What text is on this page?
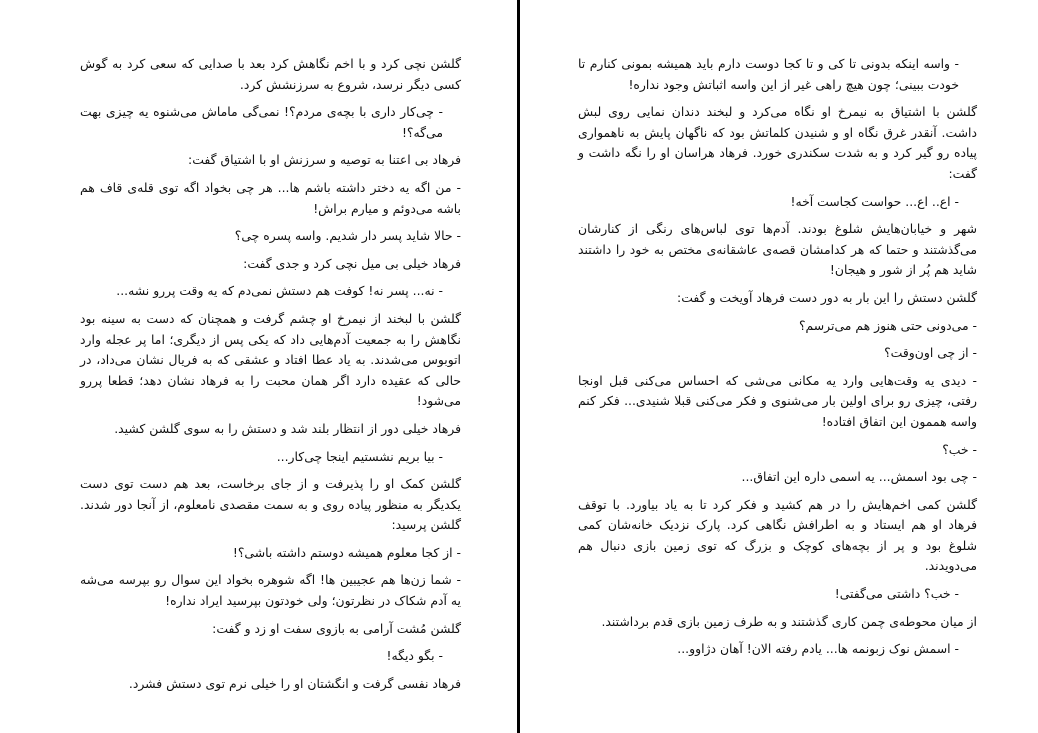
- واسه اینکه بدونی تا کی و تا کجا دوست دارم باید همیشه بمونی کنارم تا خودت ببینی؛ چون هیچ راهی غیر از این واسه اثباتش وجود نداره!

گلشن با اشتیاق به نیمرخ او نگاه می‌کرد و لبخند دندان نمایی روی لبش داشت. آنقدر غرق نگاه او و شنیدن کلماتش بود که ناگهان پایش به ناهمواری پیاده رو گیر کرد و به شدت سکندری خورد. فرهاد هراسان او را نگه داشت و گفت:

- اع.. اع... حواست کجاست آخه!

شهر و خیابان‌هایش شلوغ بودند. آدم‌ها توی لباس‌های رنگی از کنارشان می‌گذشتند و حتما که هر کدامشان قصه‌ی عاشقانه‌ی مختص به خود را داشتند شاید هم پُر از شور و هیجان!

گلشن دستش را این بار به دور دست فرهاد آویخت و گفت:

- می‌دونی حتی هنوز هم می‌ترسم؟

- از چی اون‌وقت؟

- دیدی یه وقت‌هایی وارد یه مکانی می‌شی که احساس می‌کنی قبل اونجا رفتی، چیزی رو برای اولین بار می‌شنوی و فکر می‌کنی قبلا شنیدی... فکر کنم واسه هممون این اتفاق افتاده!

- خب؟

- چی بود اسمش... یه اسمی داره این اتفاق...

گلشن کمی اخم‌هایش را در هم کشید و فکر کرد تا به یاد بیاورد. با توقف فرهاد او هم ایستاد و به اطرافش نگاهی کرد. پارک نزدیک خانه‌شان کمی شلوغ بود و پر از بچه‌های کوچک و بزرگ که توی زمین بازی دنبال هم می‌دویدند.

- خب؟ داشتی می‌گفتی!

از میان محوطه‌ی چمن کاری گذشتند و به طرف زمین بازی قدم برداشتند.

- اسمش نوک زبونمه ها... یادم رفته الان! آهان دژاوو...

گلشن نچی کرد و با اخم نگاهش کرد بعد با صدایی که سعی کرد به گوش کسی دیگر نرسد، شروع به سرزنشش کرد.

- چی‌کار داری با بچه‌ی مردم؟! نمی‌گی ماماش می‌شنوه یه چیزی بهت می‌گه؟!

فرهاد بی اعتنا به توصیه و سرزنش او با اشتیاق گفت:

- من اگه یه دختر داشته باشم ها... هر چی بخواد اگه توی قله‌ی قاف هم باشه می‌دوئم و میارم براش!

- حالا شاید پسر دار شدیم. واسه پسره چی؟

فرهاد خیلی بی میل نچی کرد و جدی گفت:

- نه... پسر نه! کوفت هم دستش نمی‌دم که یه وقت پررو نشه...

گلشن با لبخند از نیمرخ او چشم گرفت و همچنان که دست به سینه بود نگاهش را به جمعیت آدم‌هایی داد که یکی پس از دیگری؛ اما پر عجله وارد اتوبوس می‌شدند. به یاد عطا افتاد و عشقی که به فریال نشان می‌داد، در حالی که عقیده دارد اگر همان محبت را به فرهاد نشان دهد؛ قطعا پررو می‌شود!

فرهاد خیلی دور از انتظار بلند شد و دستش را به سوی گلشن کشید.

- بیا بریم نشستیم اینجا چی‌کار...

گلشن کمک او را پذیرفت و از جای برخاست، بعد هم دست توی دست یکدیگر به منظور پیاده روی و به سمت مقصدی نامعلوم، از آنجا دور شدند. گلشن پرسید:

- از کجا معلوم همیشه دوستم داشته باشی؟!

- شما زن‌ها هم عجیبین ها! اگه شوهره بخواد این سوال رو بپرسه می‌شه یه آدم شکاک در نظرتون؛ ولی خودتون بپرسید ایراد نداره!

گلشن مُشت آرامی به بازوی سفت او زد و گفت:

- بگو دیگه!

فرهاد نفسی گرفت و انگشتان او را خیلی نرم توی دستش فشرد.
